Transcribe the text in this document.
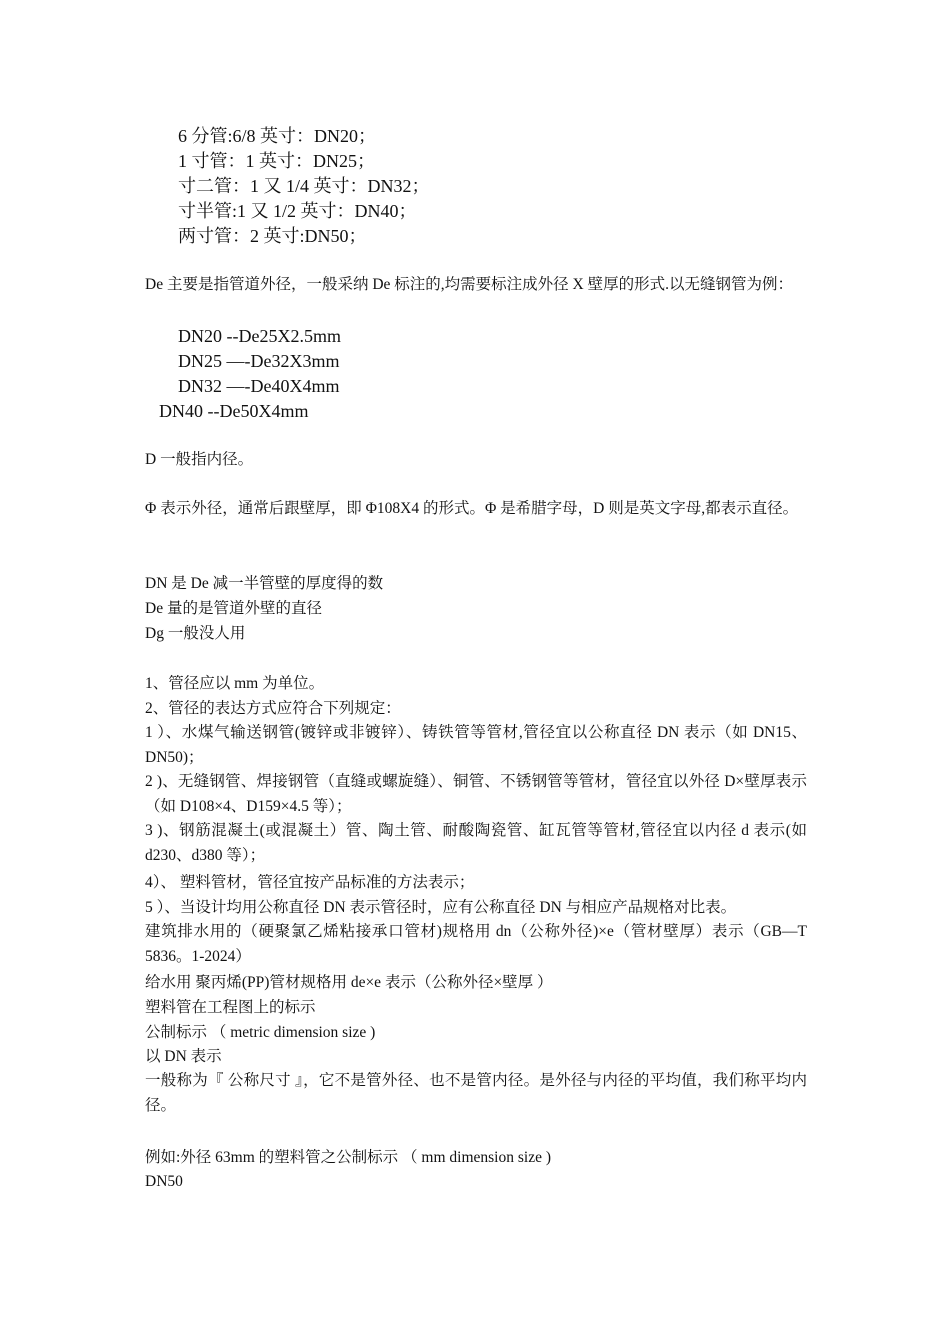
6 分管:6/8 英寸：DN20；
1 寸管：1 英寸：DN25；
寸二管：1 又 1/4 英寸：DN32；
寸半管:1 又 1/2 英寸：DN40；
两寸管：2 英寸:DN50；
De 主要是指管道外径，一般采纳 De 标注的,均需要标注成外径 X 壁厚的形式.以无缝钢管为例：
DN20 --De25X2.5mm
DN25 —-De32X3mm
DN32 —-De40X4mm
DN40 --De50X4mm
D 一般指内径。
Φ 表示外径，通常后跟壁厚，即 Φ108X4 的形式。Φ 是希腊字母，D 则是英文字母,都表示直径。
DN 是 De 减一半管壁的厚度得的数
De 量的是管道外壁的直径
Dg 一般没人用
1、管径应以 mm 为单位。
2、管径的表达方式应符合下列规定：
1 ）、水煤气输送钢管(镀锌或非镀锌）、铸铁管等管材,管径宜以公称直径 DN 表示（如 DN15、DN50)；
2 )、无缝钢管、焊接钢管（直缝或螺旋缝）、铜管、不锈钢管等管材，管径宜以外径 D×壁厚表示（如 D108×4、D159×4.5 等）；
3 )、钢筋混凝土(或混凝土）管、陶土管、耐酸陶瓷管、缸瓦管等管材,管径宜以内径 d 表示(如 d230、d380 等）；
4）、 塑料管材，管径宜按产品标准的方法表示；
5 ）、当设计均用公称直径 DN 表示管径时，应有公称直径 DN 与相应产品规格对比表。
建筑排水用的（硬聚氯乙烯粘接承口管材)规格用 dn（公称外径)×e（管材壁厚）表示（GB—T 5836。1-2024）
给水用 聚丙烯(PP)管材规格用 de×e 表示（公称外径×壁厚 ）
塑料管在工程图上的标示
公制标示 （ metric dimension size )
以 DN 表示
一般称为『 公称尺寸 』，它不是管外径、也不是管内径。是外径与内径的平均值，我们称平均内径。
例如:外径 63mm 的塑料管之公制标示 （ mm dimension size )
DN50
